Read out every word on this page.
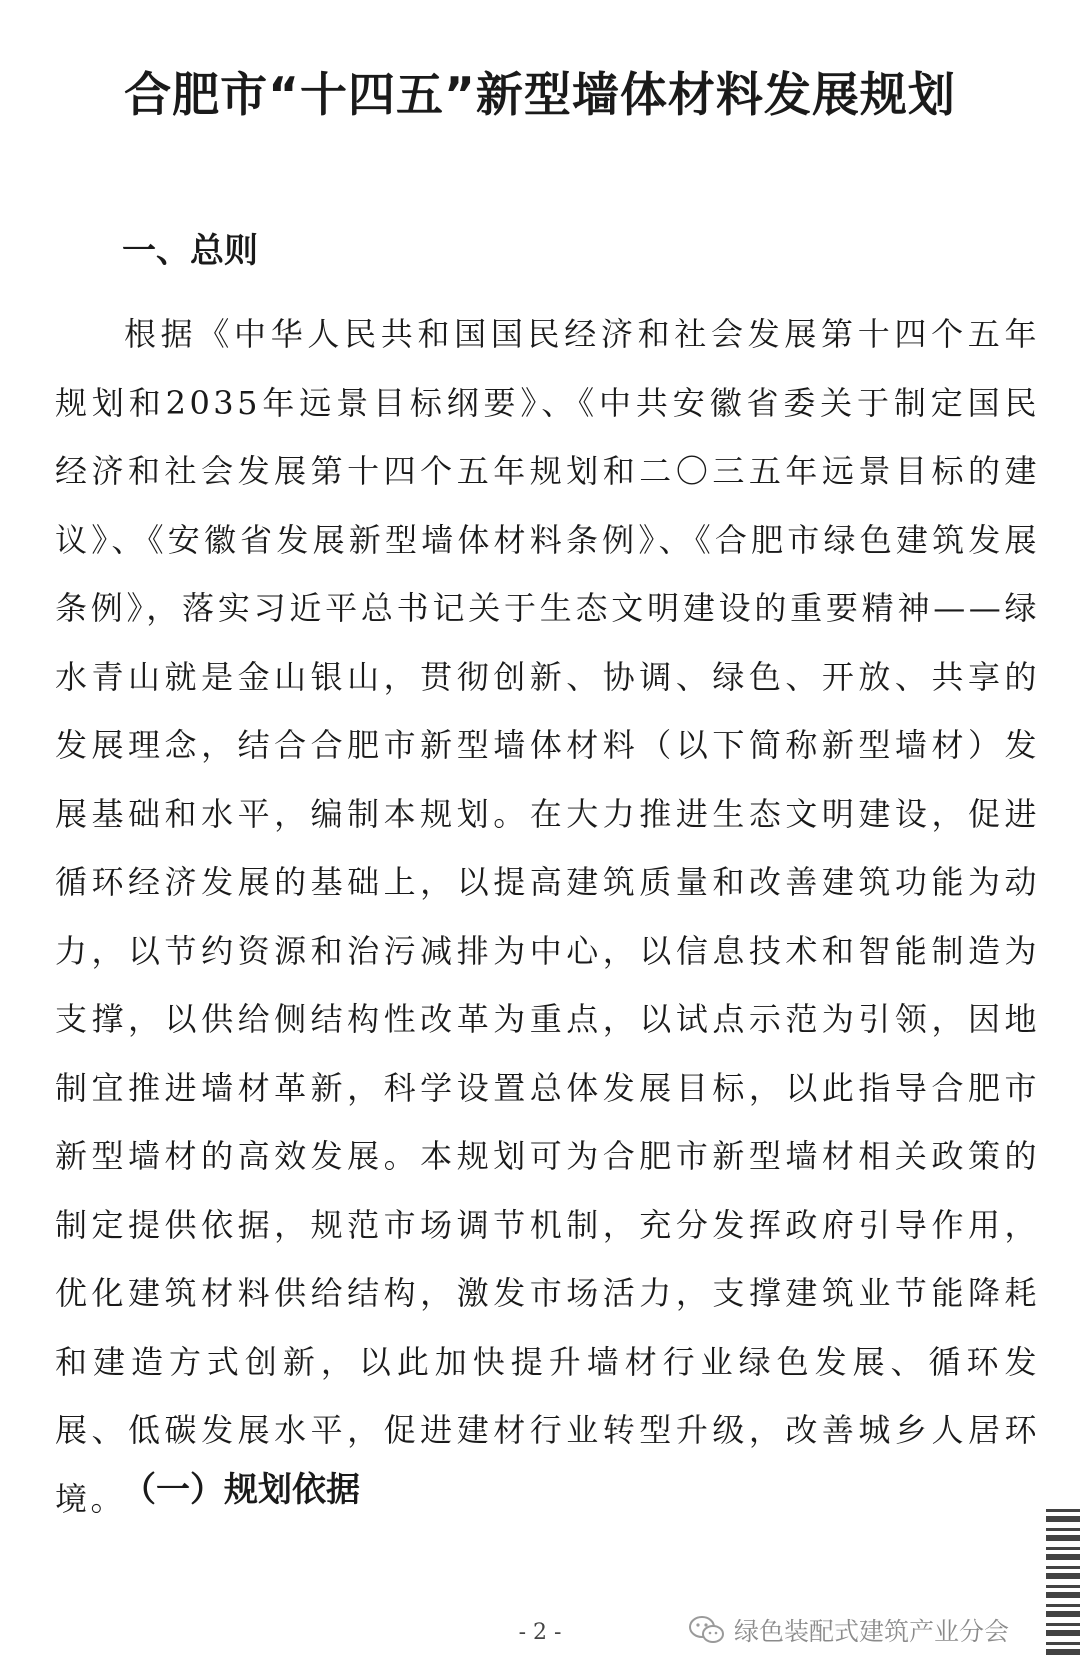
合肥市“十四五”新型墙体材料发展规划
一、总则

根据《中华人民共和国国民经济和社会发展第十四个五年规划和2035年远景目标纲要》、《中共安徽省委关于制定国民经济和社会发展第十四个五年规划和二〇三五年远景目标的建议》、《安徽省发展新型墙体材料条例》、《合肥市绿色建筑发展条例》，落实习近平总书记关于生态文明建设的重要精神——绿水青山就是金山银山，贯彻创新、协调、绿色、开放、共享的发展理念，结合合肥市新型墙体材料（以下简称新型墙材）发展基础和水平，编制本规划。在大力推进生态文明建设，促进循环经济发展的基础上，以提高建筑质量和改善建筑功能为动力，以节约资源和治污减排为中心，以信息技术和智能制造为支撑，以供给侧结构性改革为重点，以试点示范为引领，因地制宜推进墙材革新，科学设置总体发展目标，以此指导合肥市新型墙材的高效发展。本规划可为合肥市新型墙材相关政策的制定提供依据，规范市场调节机制，充分发挥政府引导作用，优化建筑材料供给结构，激发市场活力，支撑建筑业节能降耗和建造方式创新，以此加快提升墙材行业绿色发展、循环发展、低碳发展水平，促进建材行业转型升级，改善城乡人居环境。

（一）规划依据
绿色装配式建筑产业分会
- 2 -
